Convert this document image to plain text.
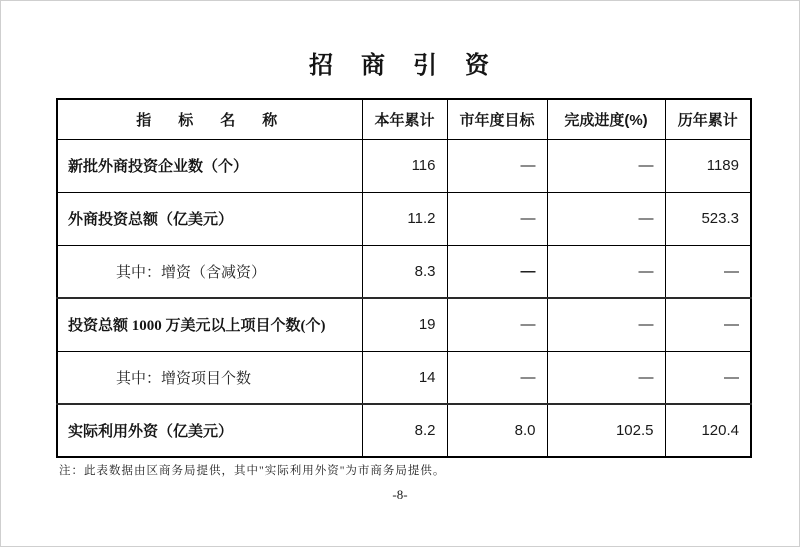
招　商　引　资
指　标　名　称	本年累计	市年度目标	完成进度(%)	历年累计
新批外商投资企业数（个）	116	—	—	1189
外商投资总额（亿美元）	11.2	—	—	523.3
其中：增资（含减资）	8.3	—	—	—
投资总额 1000 万美元以上项目个数(个)	19	—	—	—
其中：增资项目个数	14	—	—	—
实际利用外资（亿美元）	8.2	8.0	102.5	120.4
注：此表数据由区商务局提供，其中"实际利用外资"为市商务局提供。
-8-
